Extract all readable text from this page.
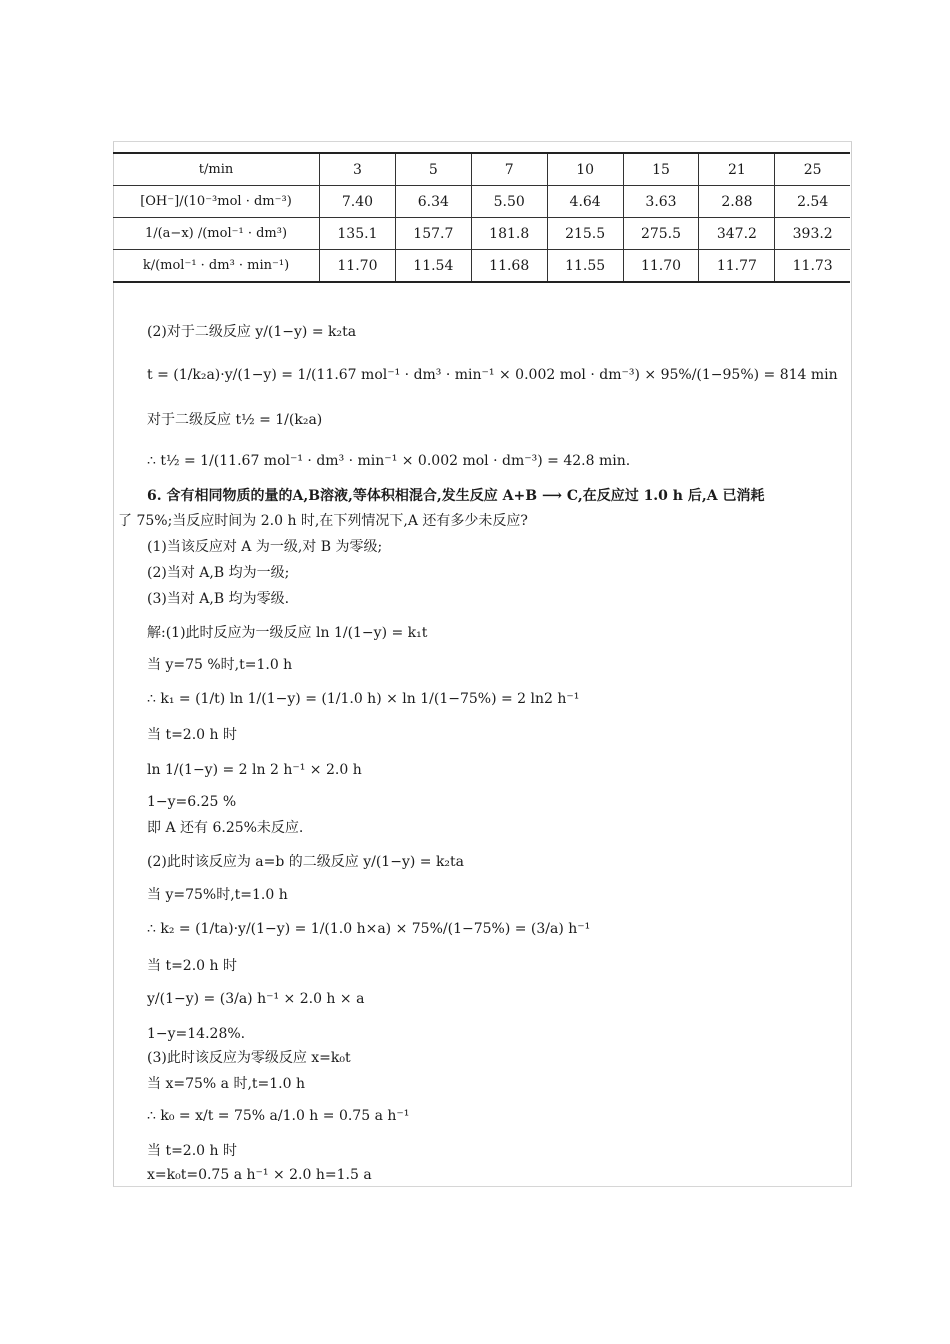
t/min	3	5	7	10	15	21	25
[OH⁻]/(10⁻³mol · dm⁻³)	7.40	6.34	5.50	4.64	3.63	2.88	2.54
1/(a−x) /(mol⁻¹ · dm³)	135.1	157.7	181.8	215.5	275.5	347.2	393.2
k/(mol⁻¹ · dm³ · min⁻¹)	11.70	11.54	11.68	11.55	11.70	11.77	11.73
(2)对于二级反应 y/(1−y) = k₂ta
t = (1/k₂a)·y/(1−y) = 1/(11.67 mol⁻¹ · dm³ · min⁻¹ × 0.002 mol · dm⁻³) × 95%/(1−95%) = 814 min
对于二级反应 t½ = 1/(k₂a)
∴ t½ = 1/(11.67 mol⁻¹ · dm³ · min⁻¹ × 0.002 mol · dm⁻³) = 42.8 min.
6. 含有相同物质的量的A,B溶液,等体积相混合,发生反应 A+B ⟶ C,在反应过 1.0 h 后,A 已消耗
了 75%;当反应时间为 2.0 h 时,在下列情况下,A 还有多少未反应?
(1)当该反应对 A 为一级,对 B 为零级;
(2)当对 A,B 均为一级;
(3)当对 A,B 均为零级.
解:(1)此时反应为一级反应 ln 1/(1−y) = k₁t
当 y=75 %时,t=1.0 h
∴ k₁ = (1/t) ln 1/(1−y) = (1/1.0 h) × ln 1/(1−75%) = 2 ln2 h⁻¹
当 t=2.0 h 时
ln 1/(1−y) = 2 ln 2 h⁻¹ × 2.0 h
1−y=6.25 %
即 A 还有 6.25%未反应.
(2)此时该反应为 a=b 的二级反应 y/(1−y) = k₂ta
当 y=75%时,t=1.0 h
∴ k₂ = (1/ta)·y/(1−y) = 1/(1.0 h×a) × 75%/(1−75%) = (3/a) h⁻¹
当 t=2.0 h 时
y/(1−y) = (3/a) h⁻¹ × 2.0 h × a
1−y=14.28%.
(3)此时该反应为零级反应 x=k₀t
当 x=75% a 时,t=1.0 h
∴ k₀ = x/t = 75% a/1.0 h = 0.75 a h⁻¹
当 t=2.0 h 时
x=k₀t=0.75 a h⁻¹ × 2.0 h=1.5 a
